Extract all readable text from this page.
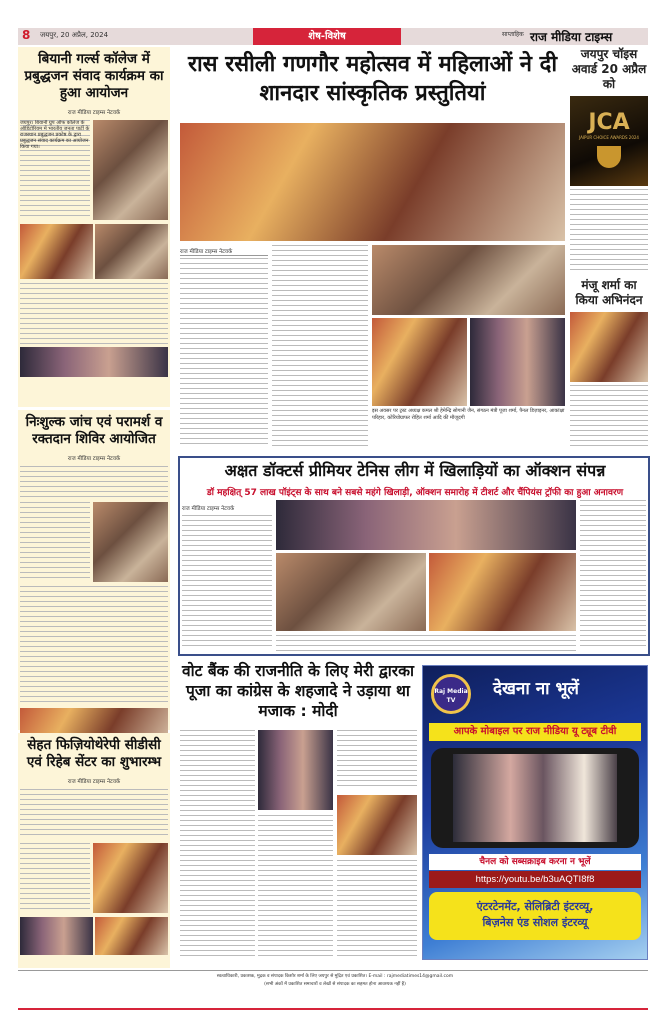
8 जयपुर, 20 अप्रैल, 2024	शेष-विशेष	साप्ताहिक राज मीडिया टाइम्स
बियानी गर्ल्स कॉलेज में प्रबुद्धजन संवाद कार्यक्रम का हुआ आयोजन
राज मीडिया टाइम्स नेटवर्क
जयपुर। बियानी ग्रुप ऑफ कॉलेज के ऑडिटोरियम में भारतीय जनता पार्टी के राजस्थान प्रबुद्धजन प्रकोष्ठ के द्वारा प्रबुद्धजन संवाद कार्यक्रम का आयोजन किया गया।
निःशुल्क जांच एवं परामर्श व रक्तदान शिविर आयोजित
राज मीडिया टाइम्स नेटवर्क
सेहत फिज़ियोथेरेपी सीडीसी एवं रिहेब सेंटर का शुभारम्भ
राज मीडिया टाइम्स नेटवर्क
रास रसीली गणगौर महोत्सव में महिलाओं ने दी शानदार सांस्कृतिक प्रस्तुतियां
राज मीडिया टाइम्स नेटवर्क
इस अवसर पर ट्रस्ट अध्यक्ष कमल श्री हेमेन्द्रि सोगानी जैन, संगठन मंत्री पूजा शर्मा, पैनल डिज़ाइनर, आकांक्षा परिहार, कोरियोग्राफर रोहित शर्मा आदि की मौजूदगी
जयपुर चॉइस अवार्ड 20 अप्रैल को
JCA
JAIPUR CHOICE AWARDS 2024
मंजू शर्मा का किया अभिनंदन
अक्षत डॉक्टर्स प्रीमियर टेनिस लीग में खिलाड़ियों का ऑक्शन संपन्न
डॉ महक्षित् 57 लाख पॉइंट्स के साथ बने सबसे महंगे खिलाड़ी, ऑक्शन समारोह में टीशर्ट और चैंपियंस ट्रॉफी का हुआ अनावरण
राज मीडिया टाइम्स नेटवर्क
वोट बैंक की राजनीति के लिए मेरी द्वारका पूजा का कांग्रेस के शहजादे ने उड़ाया था मजाक : मोदी
Raj Media TV
देखना ना भूलें
आपके मोबाइल पर राज मीडिया यू ट्यूब टीवी
चैनल को सब्सक्राइब करना न भूलें
https://youtu.be/b3uAQTI8f8
एंटरटेनमेंट, सेलिब्रिटी इंटरव्यू,
बिज़नेस एंड सोशल इंटरव्यू
स्वत्वाधिकारी, प्रकाशक, मुद्रक व संपादक किशोर शर्मा के लिए जयपुर से मुद्रित एवं प्रकाशित। E-mail : rajmediatimes14@gmail.com
(सभी अंकों में प्रकाशित समाचारों व लेखों से संपादक का सहमत होना आवश्यक नहीं है)
